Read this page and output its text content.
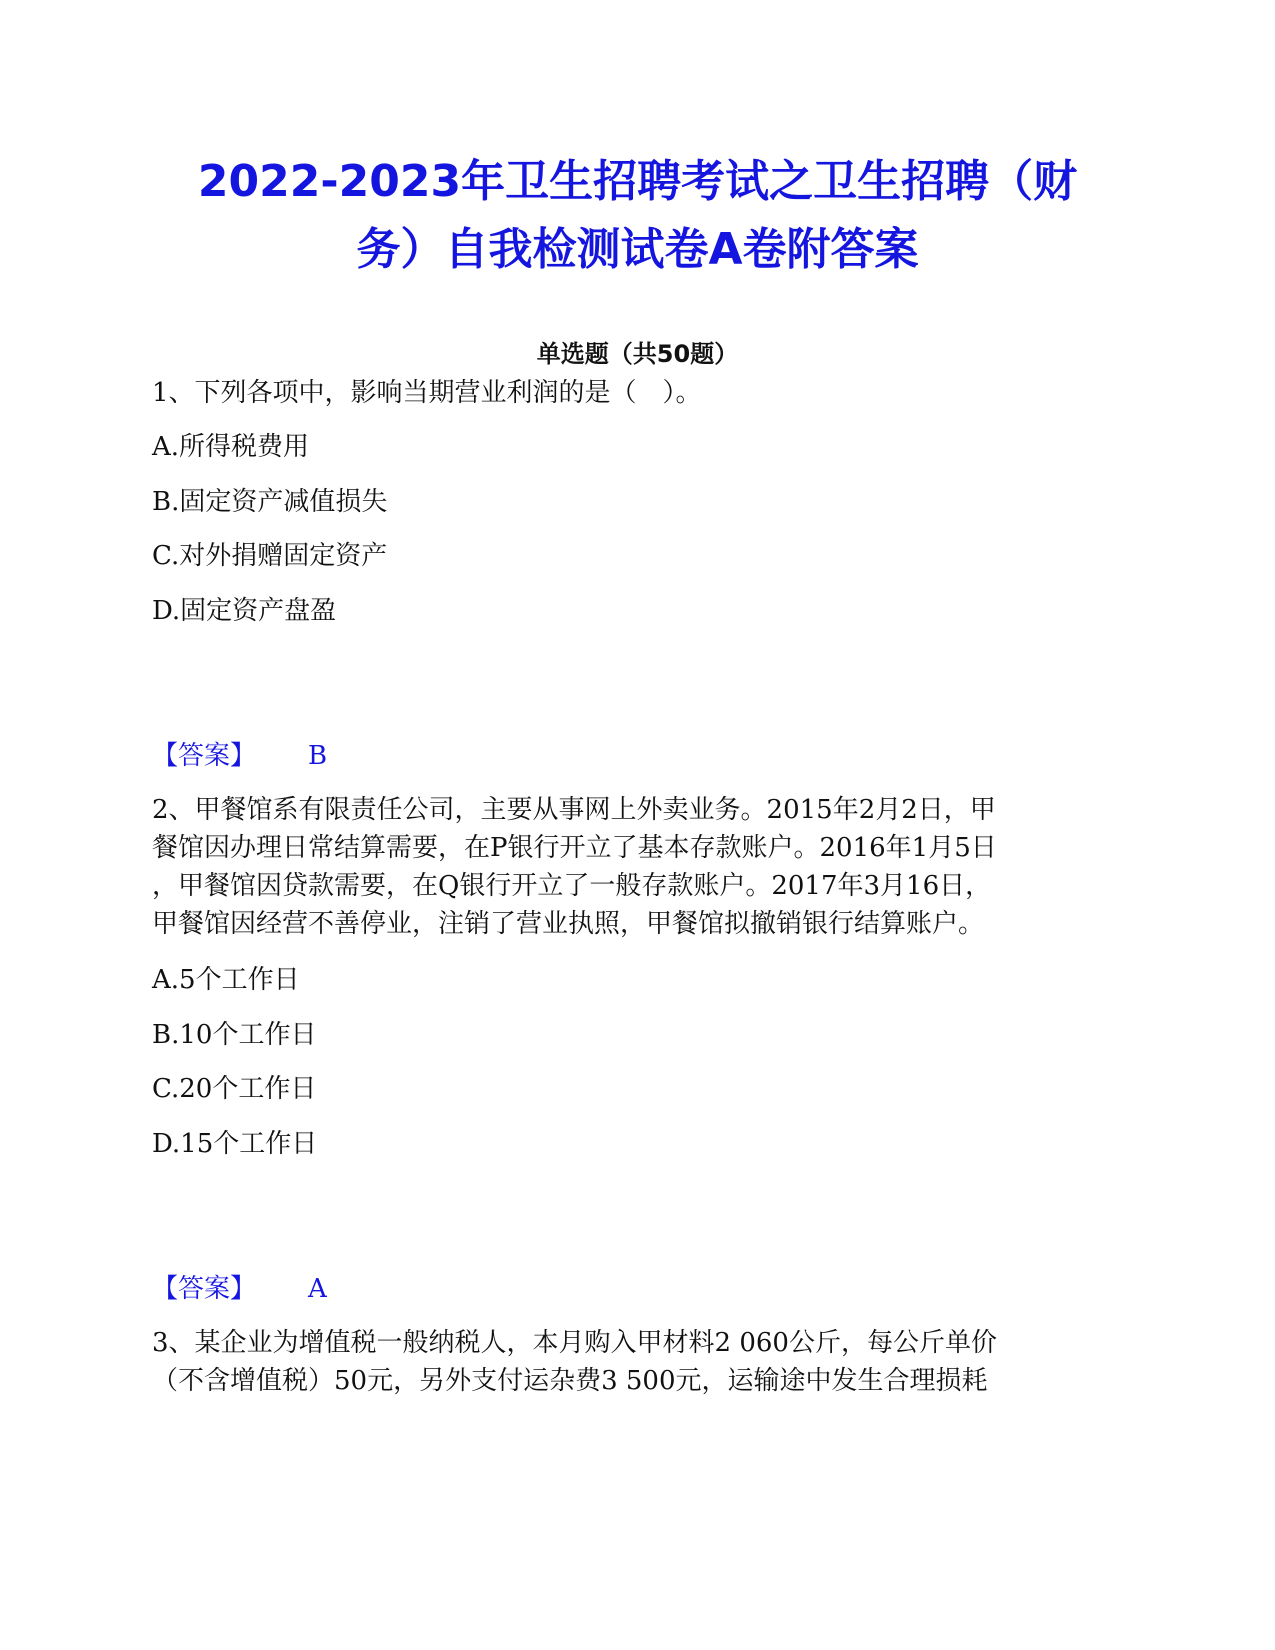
2022-2023年卫生招聘考试之卫生招聘（财
务）自我检测试卷A卷附答案
单选题（共50题）
1、下列各项中，影响当期营业利润的是（　）。
A.所得税费用
B.固定资产减值损失
C.对外捐赠固定资产
D.固定资产盘盈
【答案】 B
2、甲餐馆系有限责任公司，主要从事网上外卖业务。2015年2月2日，甲
餐馆因办理日常结算需要，在P银行开立了基本存款账户。2016年1月5日
，甲餐馆因贷款需要，在Q银行开立了一般存款账户。2017年3月16日，
甲餐馆因经营不善停业，注销了营业执照，甲餐馆拟撤销银行结算账户。
A.5个工作日
B.10个工作日
C.20个工作日
D.15个工作日
【答案】 A
3、某企业为增值税一般纳税人，本月购入甲材料2 060公斤，每公斤单价
（不含增值税）50元，另外支付运杂费3 500元，运输途中发生合理损耗
